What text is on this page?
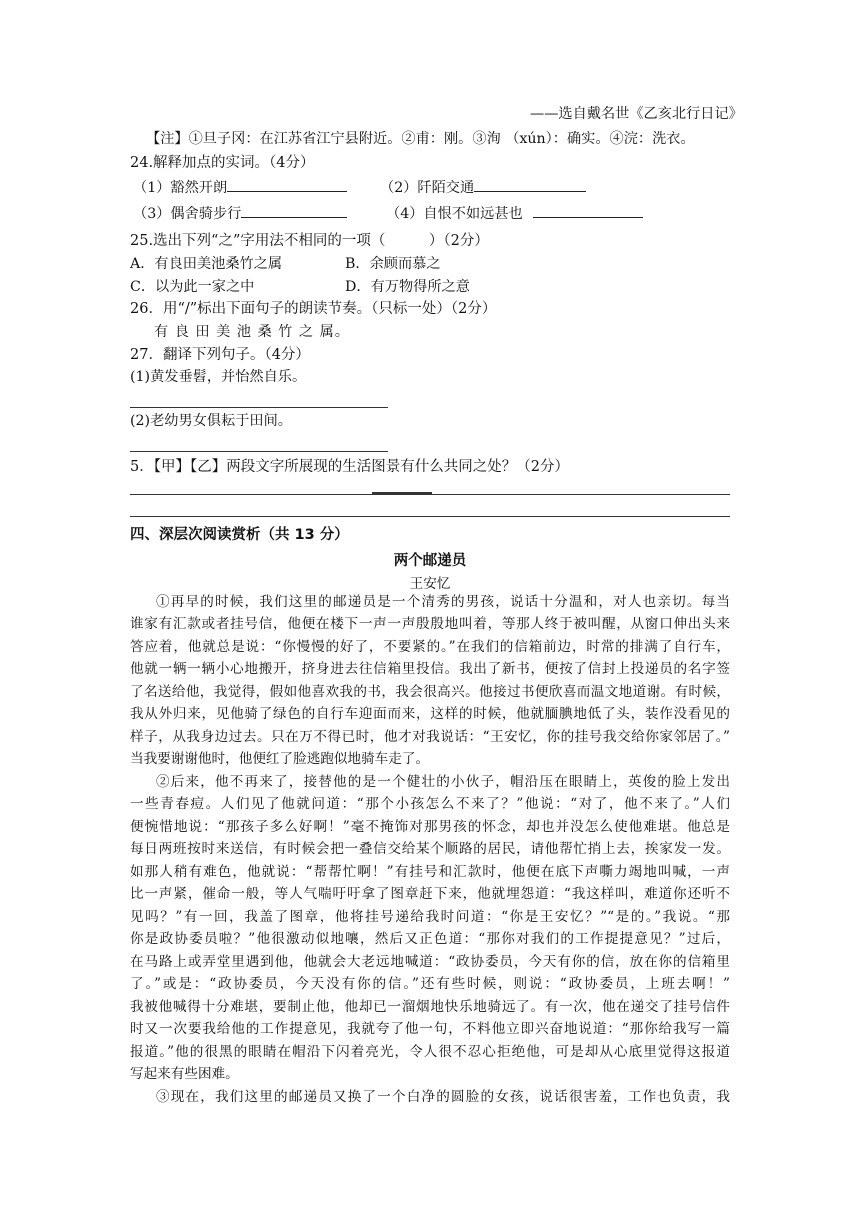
——选自戴名世《乙亥北行日记》
【注】①旦子冈：在江苏省江宁县附近。②甫：刚。③洵 （xún）：确实。④浣：洗衣。
24.解释加点的实词。（4分）
（1）豁然开朗	（2）阡陌交通
（3）偶舍骑步行	（4）自恨不如远甚也
25.选出下列“之”字用法不相同的一项（　　　）（2分）
A．有良田美池桑竹之属	B．余顾而慕之
C．以为此一家之中	D．有万物得所之意
26．用“/”标出下面句子的朗读节奏。（只标一处）（2分）
有 良 田 美 池 桑 竹 之 属。
27．翻译下列句子。（4分）
(1)黄发垂髫，并怡然自乐。
(2)老幼男女俱耘于田间。
5．【甲】【乙】两段文字所展现的生活图景有什么共同之处？（2分）
四、深层次阅读赏析（共 13 分）
两个邮递员
王安忆
①再早的时候，我们这里的邮递员是一个清秀的男孩，说话十分温和，对人也亲切。每当
谁家有汇款或者挂号信，他便在楼下一声一声殷殷地叫着，等那人终于被叫醒，从窗口伸出头来
答应着，他就总是说：“你慢慢的好了，不要紧的。”在我们的信箱前边，时常的排满了自行车，
他就一辆一辆小心地搬开，挤身进去往信箱里投信。我出了新书，便按了信封上投递员的名字签
了名送给他，我觉得，假如他喜欢我的书，我会很高兴。他接过书便欣喜而温文地道谢。有时候，
我从外归来，见他骑了绿色的自行车迎面而来，这样的时候，他就腼腆地低了头，装作没看见的
样子，从我身边过去。只在万不得已时，他才对我说话：“王安忆，你的挂号我交给你家邻居了。”
当我要谢谢他时，他便红了脸逃跑似地骑车走了。
②后来，他不再来了，接替他的是一个健壮的小伙子，帽沿压在眼睛上，英俊的脸上发出
一些青春痘。人们见了他就问道：“那个小孩怎么不来了？”他说：“对了，他不来了。”人们
便惋惜地说：“那孩子多么好啊！”毫不掩饰对那男孩的怀念，却也并没怎么使他难堪。他总是
每日两班按时来送信，有时候会把一叠信交给某个顺路的居民，请他帮忙捎上去，挨家发一发。
如那人稍有难色，他就说：“帮帮忙啊！”有挂号和汇款时，他便在底下声嘶力竭地叫喊，一声
比一声紧，催命一般，等人气喘吁吁拿了图章赶下来，他就埋怨道：“我这样叫，难道你还听不
见吗？”有一回，我盖了图章，他将挂号递给我时问道：“你是王安忆？”“是的。”我说。“那
你是政协委员啦？”他很激动似地嚷，然后又正色道：“那你对我们的工作提提意见？”过后，
在马路上或弄堂里遇到他，他就会大老远地喊道：“政协委员，今天有你的信，放在你的信箱里
了。”或是：“政协委员，今天没有你的信。”还有些时候，则说：“政协委员，上班去啊！”
我被他喊得十分难堪，要制止他，他却已一溜烟地快乐地骑远了。有一次，他在递交了挂号信件
时又一次要我给他的工作提意见，我就夸了他一句，不料他立即兴奋地说道：“那你给我写一篇
报道。”他的很黑的眼睛在帽沿下闪着亮光，令人很不忍心拒绝他，可是却从心底里觉得这报道
写起来有些困难。
③现在，我们这里的邮递员又换了一个白净的圆脸的女孩，说话很害羞，工作也负责，我
